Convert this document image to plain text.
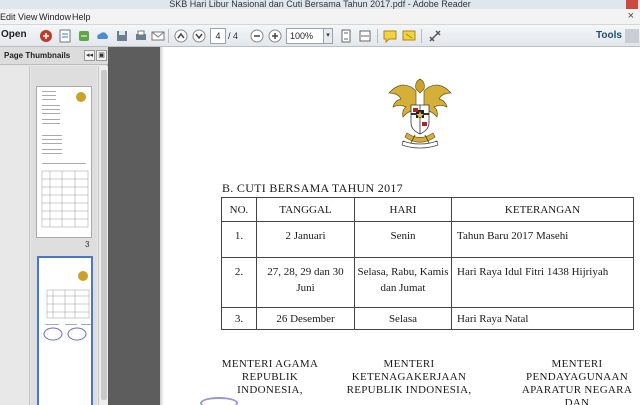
SKB Hari Libur Nasional dan Cuti Bersama Tahun 2017.pdf - Adobe Reader
Edit View Window Help	×
Open	4 / 4	100%	▾	Tools
Page Thumbnails ◂◂ ▣
3
B. CUTI BERSAMA TAHUN 2017
NO.	TANGGAL	HARI	KETERANGAN
1.	2 Januari	Senin	Tahun Baru 2017 Masehi
2.	27, 28, 29 dan 30 Juni	Selasa, Rabu, Kamis dan Jumat	Hari Raya Idul Fitri 1438 Hijriyah
3.	26 Desember	Selasa	Hari Raya Natal
MENTERI AGAMA
REPUBLIK INDONESIA,
MENTERI
KETENAGAKERJAAN
REPUBLIK INDONESIA,
MENTERI
PENDAYAGUNAAN
APARATUR NEGARA DAN
